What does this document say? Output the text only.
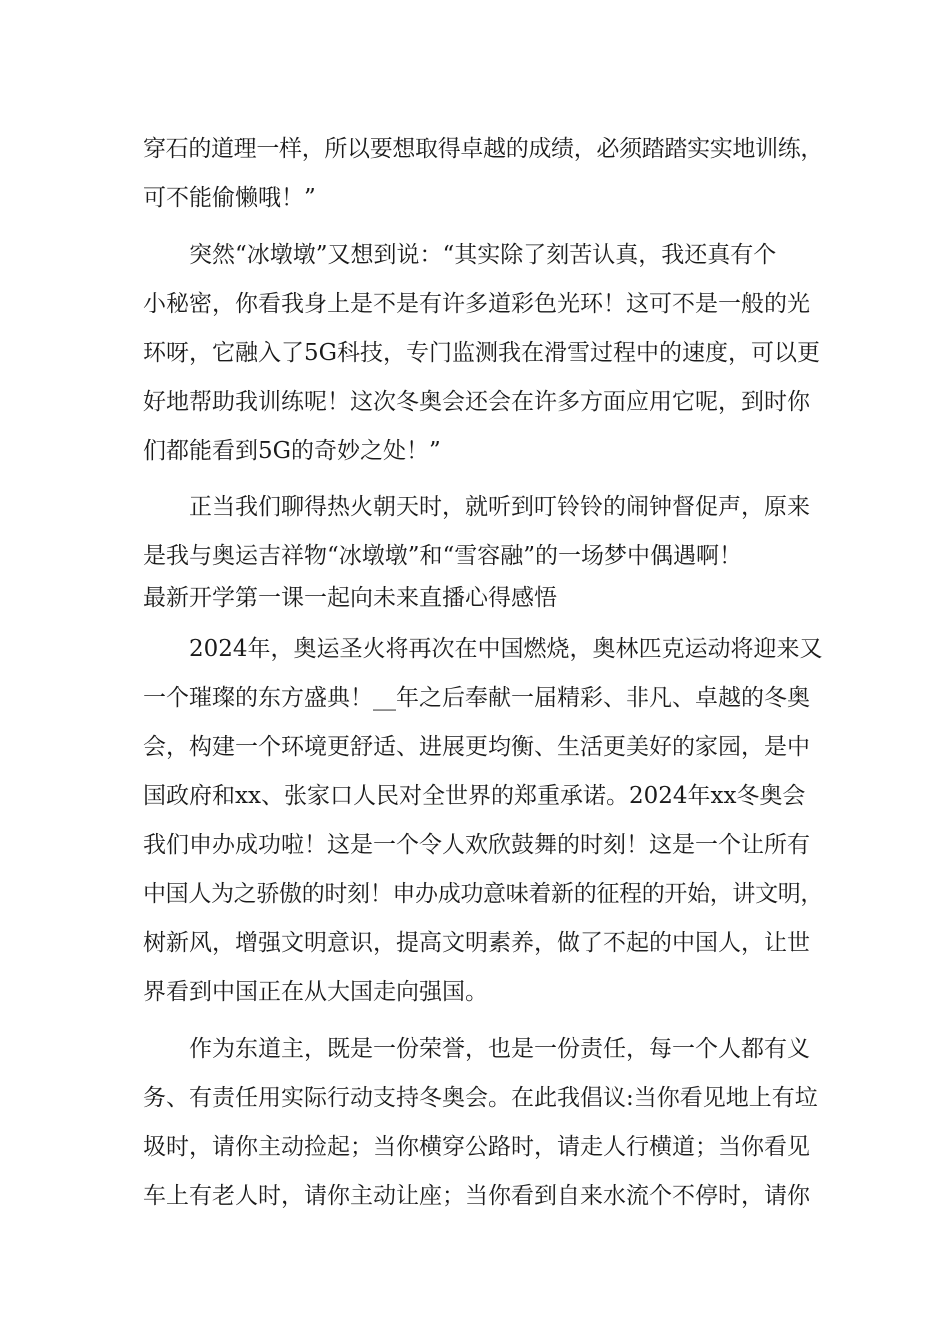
穿石的道理一样，所以要想取得卓越的成绩，必须踏踏实实地训练，
可不能偷懒哦！”
突然“冰墩墩”又想到说：“其实除了刻苦认真，我还真有个
小秘密，你看我身上是不是有许多道彩色光环！这可不是一般的光
环呀，它融入了5G科技，专门监测我在滑雪过程中的速度，可以更
好地帮助我训练呢！这次冬奥会还会在许多方面应用它呢，到时你
们都能看到5G的奇妙之处！”
正当我们聊得热火朝天时，就听到叮铃铃的闹钟督促声，原来
是我与奥运吉祥物“冰墩墩”和“雪容融”的一场梦中偶遇啊！
最新开学第一课一起向未来直播心得感悟
2024年，奥运圣火将再次在中国燃烧，奥林匹克运动将迎来又
一个璀璨的东方盛典！__年之后奉献一届精彩、非凡、卓越的冬奥
会，构建一个环境更舒适、进展更均衡、生活更美好的家园，是中
国政府和xx、张家口人民对全世界的郑重承诺。2024年xx冬奥会
我们申办成功啦！这是一个令人欢欣鼓舞的时刻！这是一个让所有
中国人为之骄傲的时刻！申办成功意味着新的征程的开始，讲文明，
树新风，增强文明意识，提高文明素养，做了不起的中国人，让世
界看到中国正在从大国走向强国。
作为东道主，既是一份荣誉，也是一份责任，每一个人都有义
务、有责任用实际行动支持冬奥会。在此我倡议:当你看见地上有垃
圾时，请你主动捡起；当你横穿公路时，请走人行横道；当你看见
车上有老人时，请你主动让座；当你看到自来水流个不停时，请你
